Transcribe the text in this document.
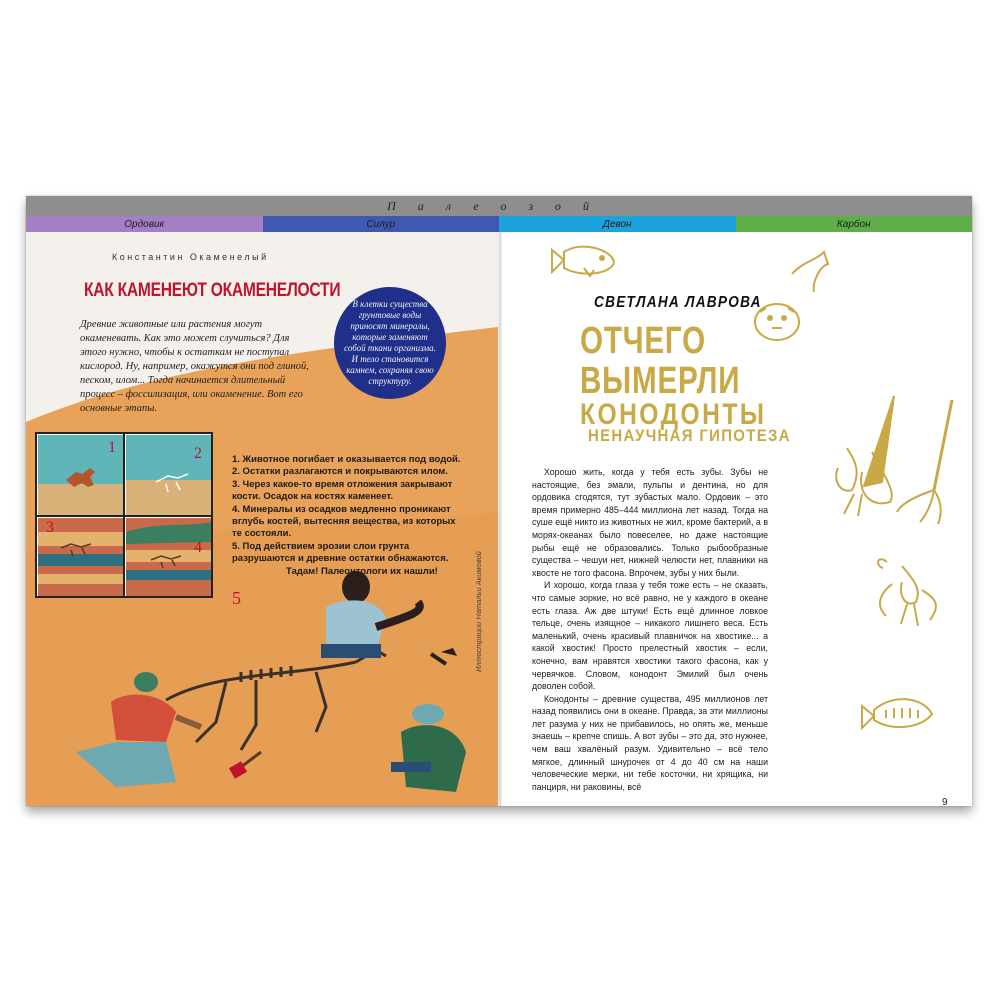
Палеозой
Ордовик	Силур	Девон	Карбон
1	2
3
4
5
Константин Окаменелый
КАК КАМЕНЕЮТ ОКАМЕНЕЛОСТИ
Древние животные или растения могут окаменевать. Как это может случиться? Для этого нужно, чтобы к остаткам не поступал кислород. Ну, например, окажутся они под глиной, песком, илом... Тогда начинается длительный процесс – фоссилизация, или окаменение. Вот его основные этапы.
В клетки существа грунтовые воды приносят минералы, которые заменяют собой ткани организма. И тело становится камнем, сохраняя свою структуру.
1. Животное погибает и оказывается под водой.
2. Остатки разлагаются и покрываются илом.
3. Через какое-то время отложения закрывают кости. Осадок на костях каменеет.
4. Минералы из осадков медленно проникают вглубь костей, вытесняя вещества, из которых те состояли.
5. Под действием эрозии слои грунта разрушаются и древние остатки обнажаются.
Тадам! Палеонтологи их нашли!	Иллюстрации Натальи Акимовой
СВЕТЛАНА ЛАВРОВА
ОТЧЕГО
ВЫМЕРЛИ
КОНОДОНТЫ
НЕНАУЧНАЯ ГИПОТЕЗА

Хорошо жить, когда у тебя есть зубы. Зубы не настоящие, без эмали, пульпы и дентина, но для ордовика сгодятся, тут зубастых мало. Ордовик – это время примерно 485–444 миллиона лет назад. Тогда на суше ещё никто из животных не жил, кроме бактерий, а в морях-океанах было повеселее, но даже настоящие рыбы ещё не образовались. Только рыбообразные существа – чешуи нет, нижней челюсти нет, плавники на хвосте не того фасона. Впрочем, зубы у них были.

И хорошо, когда глаза у тебя тоже есть – не сказать, что самые зоркие, но всё равно, не у каждого в океане есть глаза. Аж две штуки! Есть ещё длинное ловкое тельце, очень изящное – никакого лишнего веса. Есть маленький, очень красивый плавничок на хвостике... а какой хвостик! Просто прелестный хвостик – если, конечно, вам нравятся хвостики такого фасона, как у червячков. Словом, конодонт Эмилий был очень доволен собой.

Конодонты – древние существа, 495 миллионов лет назад появились они в океане. Правда, за эти миллионы лет разума у них не прибавилось, но опять же, меньше знаешь – крепче спишь. А вот зубы – это да, это нужнее, чем ваш хвалёный разум. Удивительно – всё тело мягкое, длинный шнурочек от 4 до 40 см на наши человеческие мерки, ни тебе косточки, ни хрящика, ни панциря, ни раковины, всё

9
